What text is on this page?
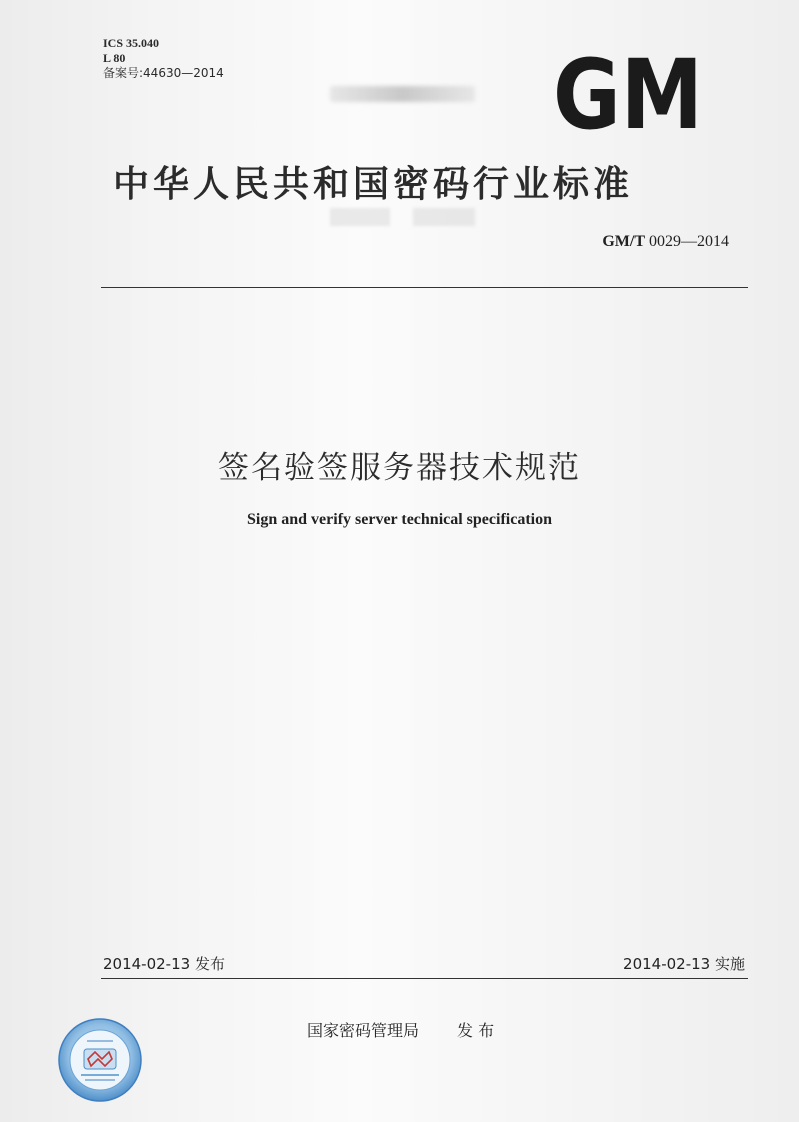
ICS 35.040
L 80
备案号:44630—2014	GM
中华人民共和国密码行业标准
GM/T 0029—2014
签名验签服务器技术规范
Sign and verify server technical specification
2014-02-13 发布	2014-02-13 实施
国家密码管理局 发 布
